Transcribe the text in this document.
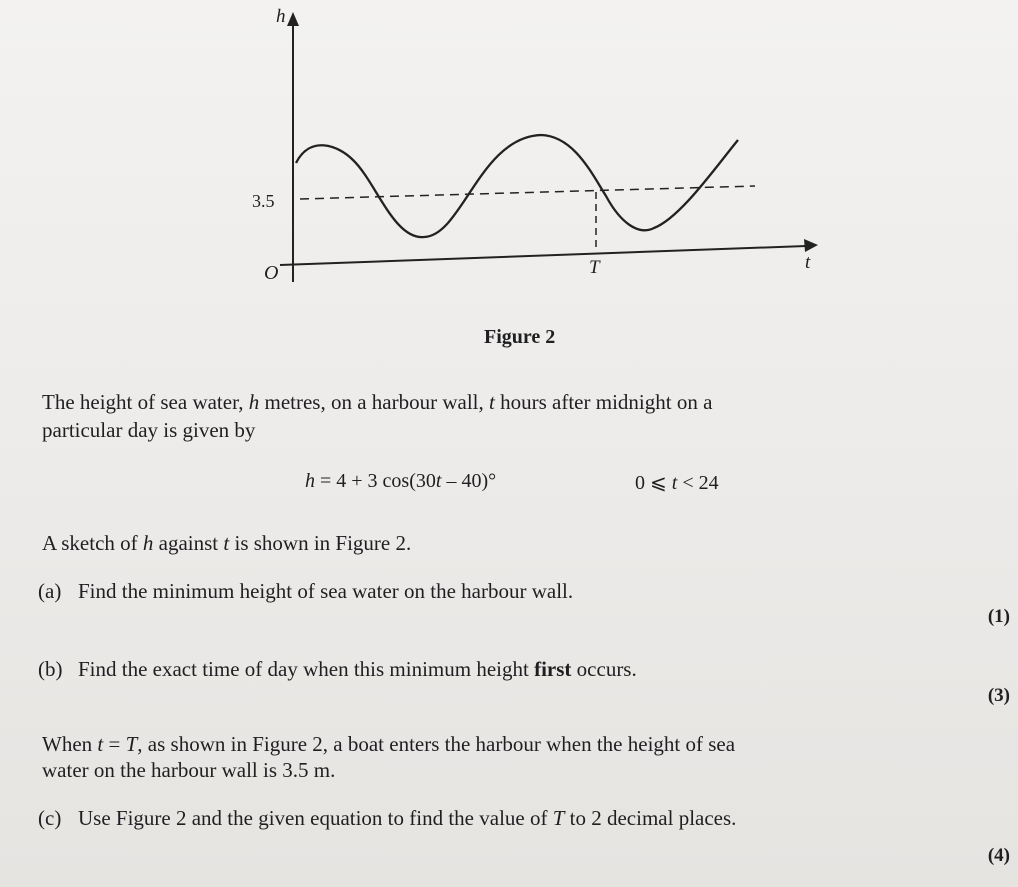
h
3.5
O	T	t
Figure 2
The height of sea water, h metres, on a harbour wall, t hours after midnight on a
particular day is given by
h = 4 + 3 cos(30t – 40)°	0 ⩽ t < 24
A sketch of h against t is shown in Figure 2.
(a) Find the minimum height of sea water on the harbour wall.
(1)
(b) Find the exact time of day when this minimum height first occurs.
(3)
When t = T, as shown in Figure 2, a boat enters the harbour when the height of sea
water on the harbour wall is 3.5 m.
(c) Use Figure 2 and the given equation to find the value of T to 2 decimal places.
(4)
